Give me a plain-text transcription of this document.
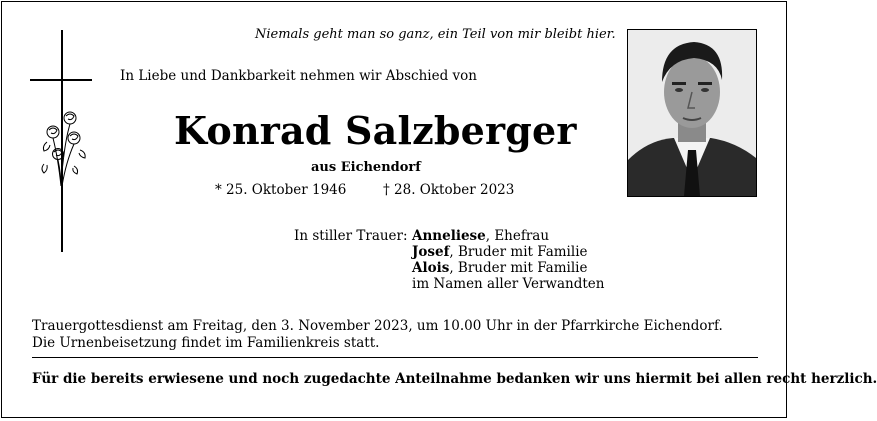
Niemals geht man so ganz, ein Teil von mir bleibt hier.
In Liebe und Dankbarkeit nehmen wir Abschied von
Konrad Salzberger
aus Eichendorf
* 25. Oktober 1946	† 28. Oktober 2023
In stiller Trauer: Anneliese, Ehefrau
Josef, Bruder mit Familie
Alois, Bruder mit Familie
im Namen aller Verwandten
Trauergottesdienst am Freitag, den 3. November 2023, um 10.00 Uhr in der Pfarrkirche Eichendorf.
Die Urnenbeisetzung findet im Familienkreis statt.
Für die bereits erwiesene und noch zugedachte Anteilnahme bedanken wir uns hiermit bei allen recht herzlich.
